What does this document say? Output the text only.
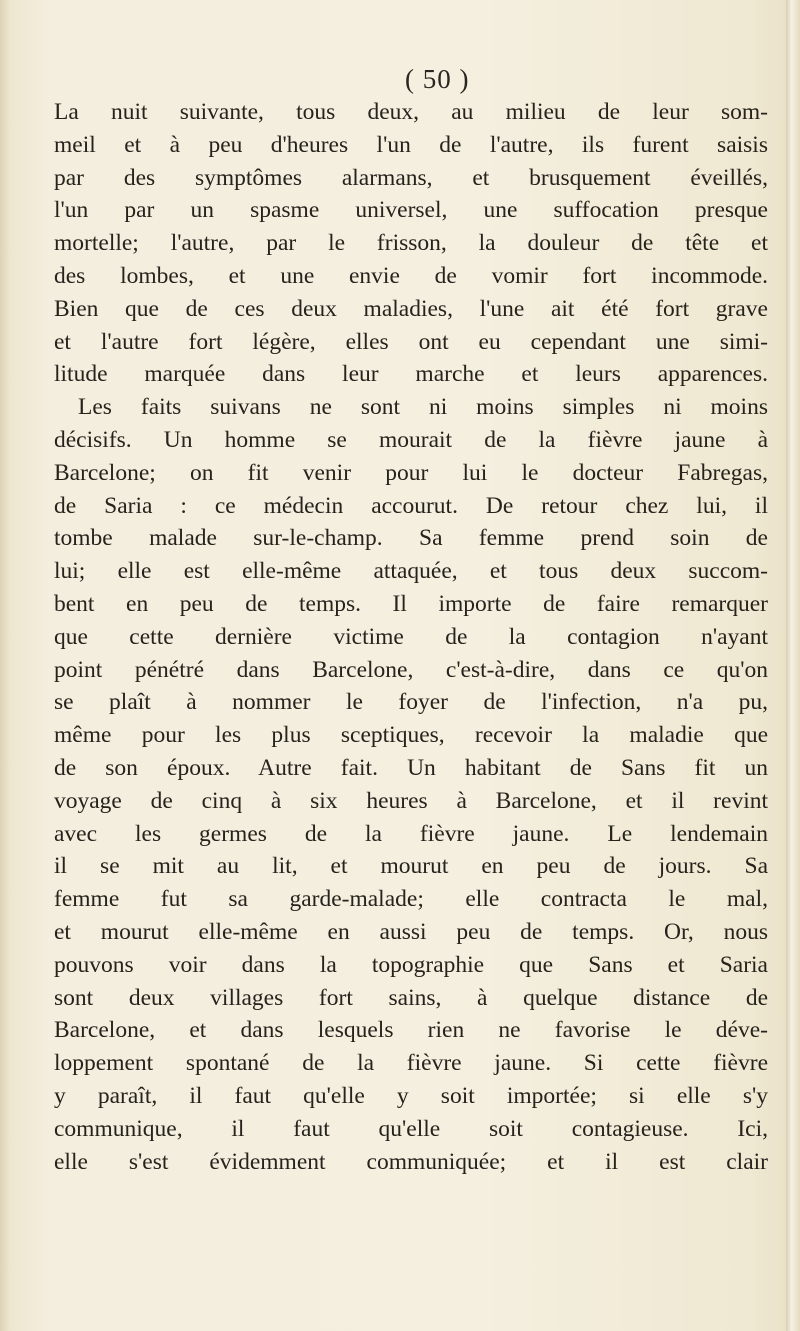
( 50 )
La nuit suivante, tous deux, au milieu de leur som-
meil et à peu d'heures l'un de l'autre, ils furent saisis
par des symptômes alarmans, et brusquement éveillés,
l'un par un spasme universel, une suffocation presque
mortelle; l'autre, par le frisson, la douleur de tête et
des lombes, et une envie de vomir fort incommode.
Bien que de ces deux maladies, l'une ait été fort grave
et l'autre fort légère, elles ont eu cependant une simi-
litude marquée dans leur marche et leurs apparences.
Les faits suivans ne sont ni moins simples ni moins
décisifs. Un homme se mourait de la fièvre jaune à
Barcelone; on fit venir pour lui le docteur Fabregas,
de Saria : ce médecin accourut. De retour chez lui, il
tombe malade sur-le-champ. Sa femme prend soin de
lui; elle est elle-même attaquée, et tous deux succom-
bent en peu de temps. Il importe de faire remarquer
que cette dernière victime de la contagion n'ayant
point pénétré dans Barcelone, c'est-à-dire, dans ce qu'on
se plaît à nommer le foyer de l'infection, n'a pu,
même pour les plus sceptiques, recevoir la maladie que
de son époux. Autre fait. Un habitant de Sans fit un
voyage de cinq à six heures à Barcelone, et il revint
avec les germes de la fièvre jaune. Le lendemain
il se mit au lit, et mourut en peu de jours. Sa
femme fut sa garde-malade; elle contracta le mal,
et mourut elle-même en aussi peu de temps. Or, nous
pouvons voir dans la topographie que Sans et Saria
sont deux villages fort sains, à quelque distance de
Barcelone, et dans lesquels rien ne favorise le déve-
loppement spontané de la fièvre jaune. Si cette fièvre
y paraît, il faut qu'elle y soit importée; si elle s'y
communique, il faut qu'elle soit contagieuse. Ici,
elle s'est évidemment communiquée; et il est clair
